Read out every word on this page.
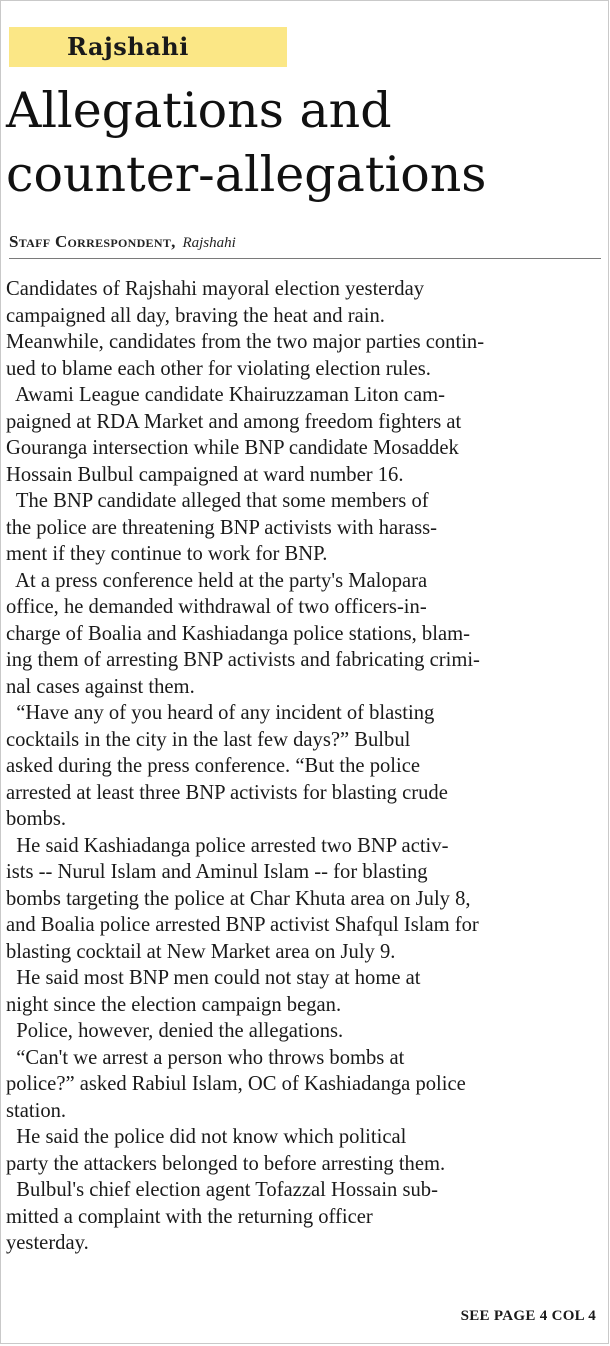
Rajshahi
Allegations and
counter-allegations
Staff Correspondent, Rajshahi
Candidates of Rajshahi mayoral election yesterday
campaigned all day, braving the heat and rain.
Meanwhile, candidates from the two major parties contin-
ued to blame each other for violating election rules.
Awami League candidate Khairuzzaman Liton cam-
paigned at RDA Market and among freedom fighters at
Gouranga intersection while BNP candidate Mosaddek
Hossain Bulbul campaigned at ward number 16.
The BNP candidate alleged that some members of
the police are threatening BNP activists with harass-
ment if they continue to work for BNP.
At a press conference held at the party's Malopara
office, he demanded withdrawal of two officers-in-
charge of Boalia and Kashiadanga police stations, blam-
ing them of arresting BNP activists and fabricating crimi-
nal cases against them.
“Have any of you heard of any incident of blasting
cocktails in the city in the last few days?” Bulbul
asked during the press conference. “But the police
arrested at least three BNP activists for blasting crude
bombs.
He said Kashiadanga police arrested two BNP activ-
ists -- Nurul Islam and Aminul Islam -- for blasting
bombs targeting the police at Char Khuta area on July 8,
and Boalia police arrested BNP activist Shafqul Islam for
blasting cocktail at New Market area on July 9.
He said most BNP men could not stay at home at
night since the election campaign began.
Police, however, denied the allegations.
“Can't we arrest a person who throws bombs at
police?” asked Rabiul Islam, OC of Kashiadanga police
station.
He said the police did not know which political
party the attackers belonged to before arresting them.
Bulbul's chief election agent Tofazzal Hossain sub-
mitted a complaint with the returning officer
yesterday.
SEE PAGE 4 COL 4
